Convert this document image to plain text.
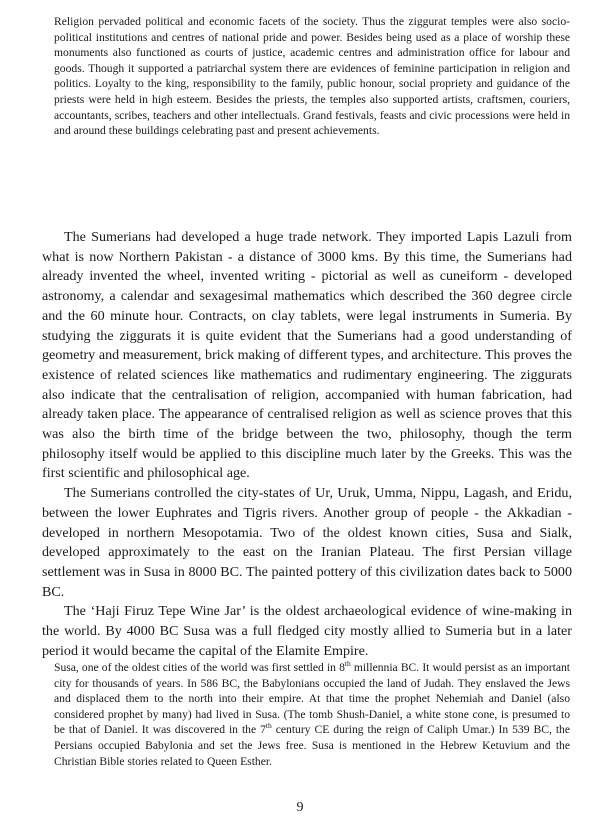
Religion pervaded political and economic facets of the society. Thus the ziggurat temples were also socio-political institutions and centres of national pride and power. Besides being used as a place of worship these monuments also functioned as courts of justice, academic centres and administration office for labour and goods. Though it supported a patriarchal system there are evidences of feminine participation in religion and politics. Loyalty to the king, responsibility to the family, public honour, social propriety and guidance of the priests were held in high esteem. Besides the priests, the temples also supported artists, craftsmen, couriers, accountants, scribes, teachers and other intellectuals. Grand festivals, feasts and civic processions were held in and around these buildings celebrating past and present achievements.

The Sumerians had developed a huge trade network. They imported Lapis Lazuli from what is now Northern Pakistan - a distance of 3000 kms. By this time, the Sumerians had already invented the wheel, invented writing - pictorial as well as cuneiform - developed astronomy, a calendar and sexagesimal mathematics which described the 360 degree circle and the 60 minute hour. Contracts, on clay tablets, were legal instruments in Sumeria. By studying the ziggurats it is quite evident that the Sumerians had a good understanding of geometry and measurement, brick making of different types, and architecture. This proves the existence of related sciences like mathematics and rudimentary engineering. The ziggurats also indicate that the centralisation of religion, accompanied with human fabrication, had already taken place. The appearance of centralised religion as well as science proves that this was also the birth time of the bridge between the two, philosophy, though the term philosophy itself would be applied to this discipline much later by the Greeks. This was the first scientific and philosophical age.

The Sumerians controlled the city-states of Ur, Uruk, Umma, Nippu, Lagash, and Eridu, between the lower Euphrates and Tigris rivers. Another group of people - the Akkadian - developed in northern Mesopotamia. Two of the oldest known cities, Susa and Sialk, developed approximately to the east on the Iranian Plateau. The first Persian village settlement was in Susa in 8000 BC. The painted pottery of this civilization dates back to 5000 BC.

The ‘Haji Firuz Tepe Wine Jar’ is the oldest archaeological evidence of wine-making in the world. By 4000 BC Susa was a full fledged city mostly allied to Sumeria but in a later period it would became the capital of the Elamite Empire.

Susa, one of the oldest cities of the world was first settled in 8th millennia BC. It would persist as an important city for thousands of years. In 586 BC, the Babylonians occupied the land of Judah. They enslaved the Jews and displaced them to the north into their empire. At that time the prophet Nehemiah and Daniel (also considered prophet by many) had lived in Susa. (The tomb Shush-Daniel, a white stone cone, is presumed to be that of Daniel. It was discovered in the 7th century CE during the reign of Caliph Umar.) In 539 BC, the Persians occupied Babylonia and set the Jews free. Susa is mentioned in the Hebrew Ketuvium and the Christian Bible stories related to Queen Esther.

9
